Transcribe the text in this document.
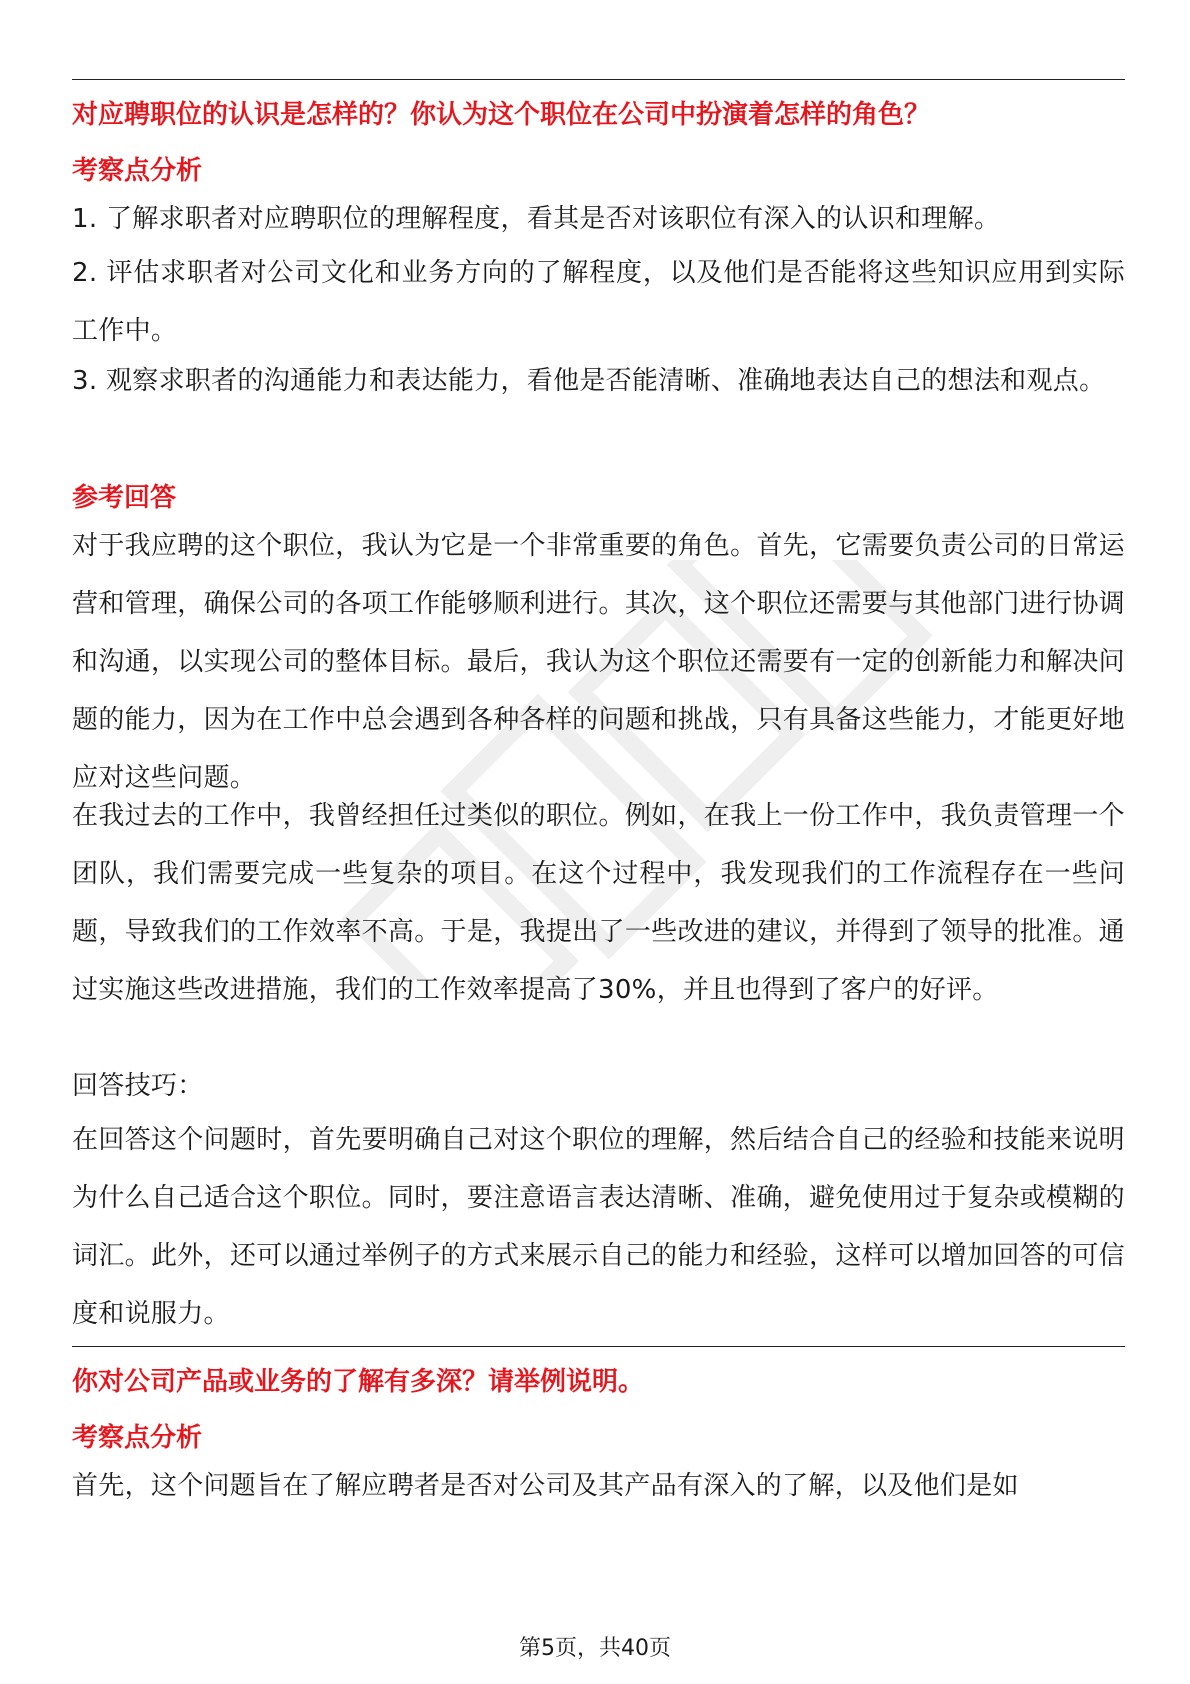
对应聘职位的认识是怎样的？你认为这个职位在公司中扮演着怎样的角色？
考察点分析
1. 了解求职者对应聘职位的理解程度，看其是否对该职位有深入的认识和理解。
2. 评估求职者对公司文化和业务方向的了解程度，以及他们是否能将这些知识应用到实际工作中。
3. 观察求职者的沟通能力和表达能力，看他是否能清晰、准确地表达自己的想法和观点。
参考回答
对于我应聘的这个职位，我认为它是一个非常重要的角色。首先，它需要负责公司的日常运营和管理，确保公司的各项工作能够顺利进行。其次，这个职位还需要与其他部门进行协调和沟通，以实现公司的整体目标。最后，我认为这个职位还需要有一定的创新能力和解决问题的能力，因为在工作中总会遇到各种各样的问题和挑战，只有具备这些能力，才能更好地应对这些问题。
在我过去的工作中，我曾经担任过类似的职位。例如，在我上一份工作中，我负责管理一个团队，我们需要完成一些复杂的项目。在这个过程中，我发现我们的工作流程存在一些问题，导致我们的工作效率不高。于是，我提出了一些改进的建议，并得到了领导的批准。通过实施这些改进措施，我们的工作效率提高了30%，并且也得到了客户的好评。
回答技巧：
在回答这个问题时，首先要明确自己对这个职位的理解，然后结合自己的经验和技能来说明为什么自己适合这个职位。同时，要注意语言表达清晰、准确，避免使用过于复杂或模糊的词汇。此外，还可以通过举例子的方式来展示自己的能力和经验，这样可以增加回答的可信度和说服力。
你对公司产品或业务的了解有多深？请举例说明。
考察点分析
首先，这个问题旨在了解应聘者是否对公司及其产品有深入的了解，以及他们是如
第5页，共40页
